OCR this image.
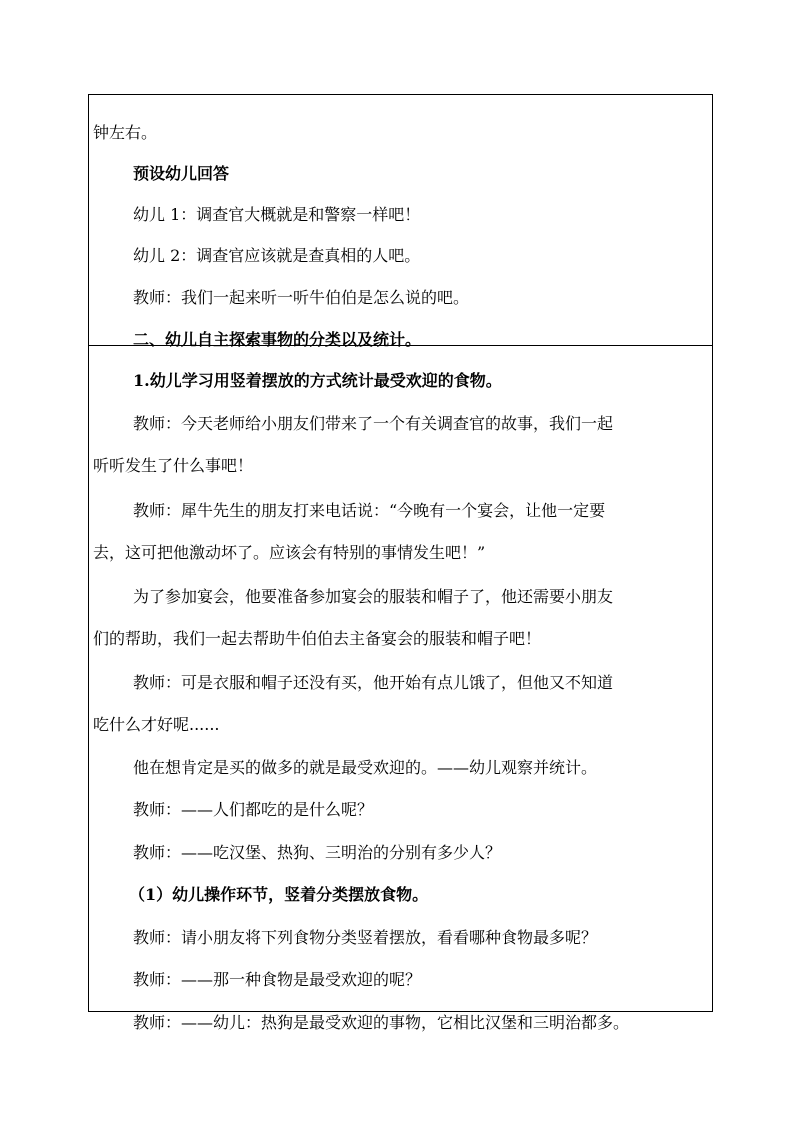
钟左右。

预设幼儿回答

幼儿 1：调查官大概就是和警察一样吧！

幼儿 2：调查官应该就是查真相的人吧。

教师：我们一起来听一听牛伯伯是怎么说的吧。

二、幼儿自主探索事物的分类以及统计。

1.幼儿学习用竖着摆放的方式统计最受欢迎的食物。

教师：今天老师给小朋友们带来了一个有关调查官的故事，我们一起

听听发生了什么事吧！

教师：犀牛先生的朋友打来电话说：“今晚有一个宴会，让他一定要

去，这可把他激动坏了。应该会有特别的事情发生吧！”

为了参加宴会，他要准备参加宴会的服装和帽子了，他还需要小朋友

们的帮助，我们一起去帮助牛伯伯去主备宴会的服装和帽子吧！

教师：可是衣服和帽子还没有买，他开始有点儿饿了，但他又不知道

吃什么才好呢......

他在想肯定是买的做多的就是最受欢迎的。——幼儿观察并统计。

教师：——人们都吃的是什么呢？

教师：——吃汉堡、热狗、三明治的分别有多少人？

（1）幼儿操作环节，竖着分类摆放食物。

教师：请小朋友将下列食物分类竖着摆放，看看哪种食物最多呢？

教师：——那一种食物是最受欢迎的呢？

教师：——幼儿：热狗是最受欢迎的事物，它相比汉堡和三明治都多。
